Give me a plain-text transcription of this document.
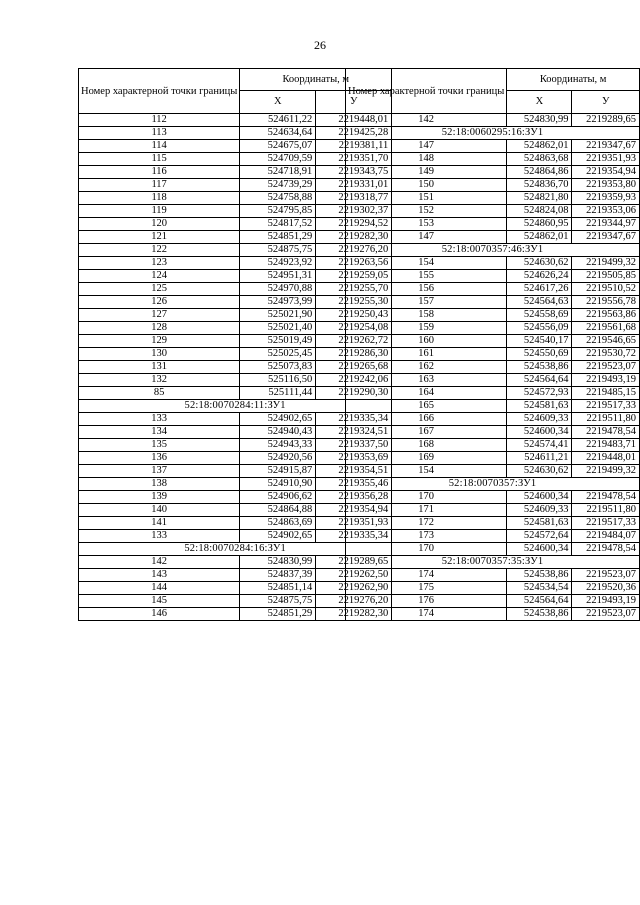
26
Номер характерной точки границы	Координаты, м	
	X	У
112	524611,22	2219448,01
113	524634,64	2219425,28
114	524675,07	2219381,11
115	524709,59	2219351,70
116	524718,91	2219343,75
117	524739,29	2219331,01
118	524758,88	2219318,77
119	524795,85	2219302,37
120	524817,52	2219294,52
121	524851,29	2219282,30
122	524875,75	2219276,20
123	524923,92	2219263,56
124	524951,31	2219259,05
125	524970,88	2219255,70
126	524973,99	2219255,30
127	525021,90	2219250,43
128	525021,40	2219254,08
129	525019,49	2219262,72
130	525025,45	2219286,30
131	525073,83	2219265,68
132	525116,50	2219242,06
85	525111,44	2219290,30
52:18:0070284:11:ЗУ1		
133	524902,65	2219335,34
134	524940,43	2219324,51
135	524943,33	2219337,50
136	524920,56	2219353,69
137	524915,87	2219354,51
138	524910,90	2219355,46
139	524906,62	2219356,28
140	524864,88	2219354,94
141	524863,69	2219351,93
133	524902,65	2219335,34
52:18:0070284:16:ЗУ1		
142	524830,99	2219289,65
143	524837,39	2219262,50
144	524851,14	2219262,90
145	524875,75	2219276,20
146	524851,29	2219282,30
Номер характерной точки границы	Координаты, м	
	X	У
142	524830,99	2219289,65
52:18:0060295:16:ЗУ1		
147	524862,01	2219347,67
148	524863,68	2219351,93
149	524864,86	2219354,94
150	524836,70	2219353,80
151	524821,80	2219359,93
152	524824,08	2219353,06
153	524860,95	2219344,97
147	524862,01	2219347,67
52:18:0070357:46:ЗУ1		
154	524630,62	2219499,32
155	524626,24	2219505,85
156	524617,26	2219510,52
157	524564,63	2219556,78
158	524558,69	2219563,86
159	524556,09	2219561,68
160	524540,17	2219546,65
161	524550,69	2219530,72
162	524538,86	2219523,07
163	524564,64	2219493,19
164	524572,93	2219485,15
165	524581,63	2219517,33
166	524609,33	2219511,80
167	524600,34	2219478,54
168	524574,41	2219483,71
169	524611,21	2219448,01
154	524630,62	2219499,32
52:18:0070357:ЗУ1		
170	524600,34	2219478,54
171	524609,33	2219511,80
172	524581,63	2219517,33
173	524572,64	2219484,07
170	524600,34	2219478,54
52:18:0070357:35:ЗУ1		
174	524538,86	2219523,07
175	524534,54	2219520,36
176	524564,64	2219493,19
174	524538,86	2219523,07
